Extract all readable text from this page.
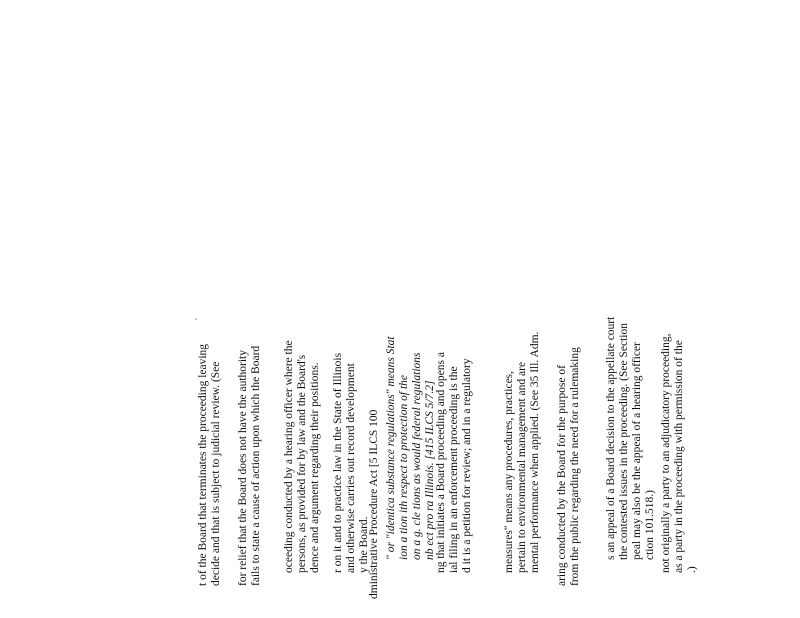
t of the Board that terminates the proceeding leaving decide and that is subject to judicial review. (See for relief that the Board does not have the authority fails to state a cause of action upon which the Board oceeding conducted by a hearing officer where the persons, as provided for by law and the Board's dence and argument regarding their positions. r on it and to practice law in the State of Illinois and otherwise carries out record development y the Board.
dministrative Procedure Act [5 ILCS 100 " or "identica substance regulations" means Stat ion a tion ith respect to protection of the on a g. cle tions as would federal regulations nb ect pro ra Illinois. [415 ILCS 5/7.2] ng that initiates a Board proceeding and opens a ial filing in an enforcement proceeding is the d it is a petition for review; and in a regulatory	measures" means any procedures, practices, pertain to environmental management and are mental performance when applied. (See 35 Ill. Adm. aring conducted by the Board for the purpose of from the public regarding the need for a rulemaking s an appeal of a Board decision to the appellate court the contested issues in the proceeding. (See Section peal may also be the appeal of a hearing officer ction 101.518.) not originally a party to an adjudicatory proceeding, as a party in the proceeding with permission of the .)
